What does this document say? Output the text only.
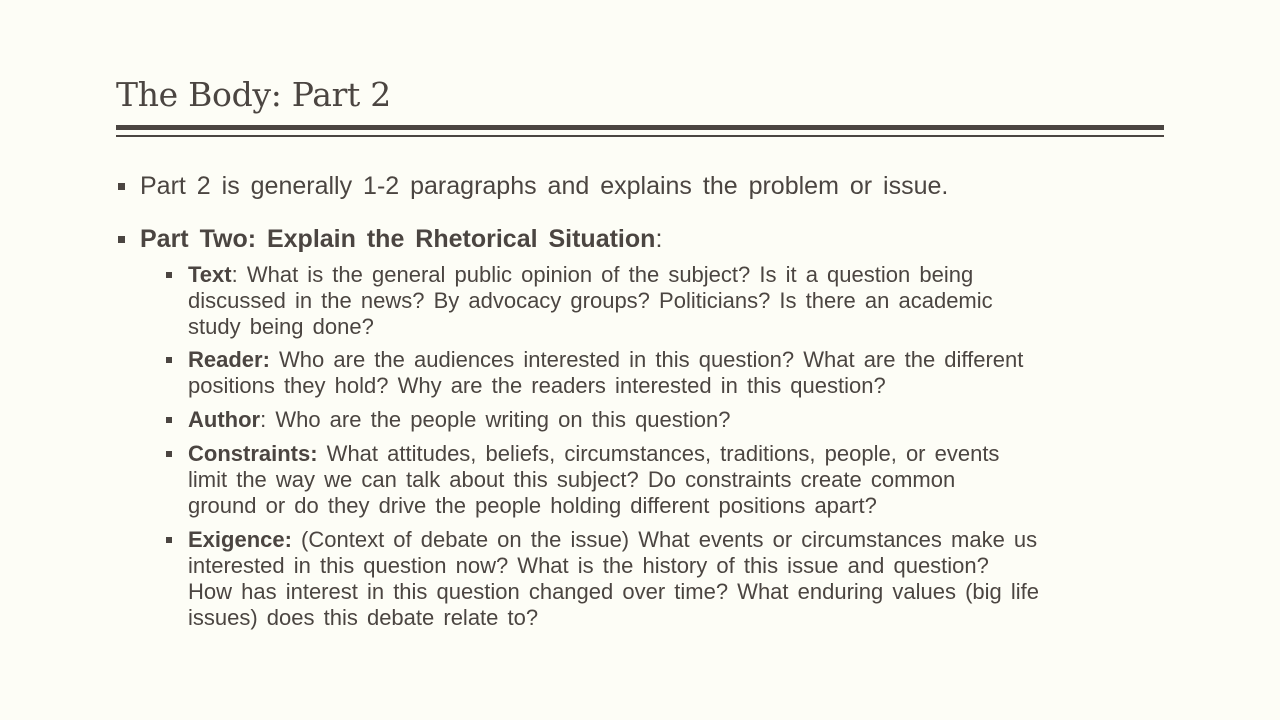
The Body: Part 2
Part 2 is generally 1-2 paragraphs and explains the problem or issue.
Part Two: Explain the Rhetorical Situation:
Text: What is the general public opinion of the subject? Is it a question being
discussed in the news? By advocacy groups? Politicians? Is there an academic
study being done?
Reader: Who are the audiences interested in this question? What are the different
positions they hold? Why are the readers interested in this question?
Author: Who are the people writing on this question?
Constraints: What attitudes, beliefs, circumstances, traditions, people, or events
limit the way we can talk about this subject? Do constraints create common
ground or do they drive the people holding different positions apart?
Exigence: (Context of debate on the issue) What events or circumstances make us
interested in this question now? What is the history of this issue and question?
How has interest in this question changed over time? What enduring values (big life
issues) does this debate relate to?
